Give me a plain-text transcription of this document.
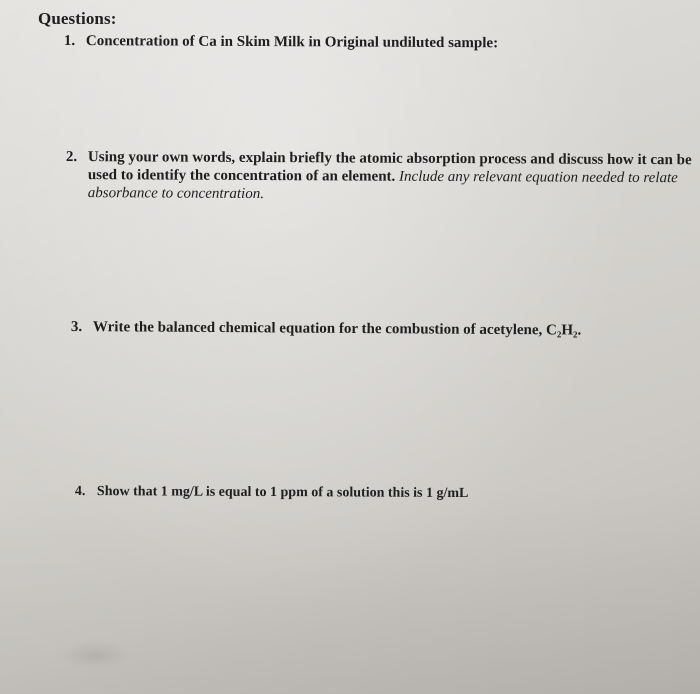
Questions:
1. Concentration of Ca in Skim Milk in Original undiluted sample:
2. Using your own words, explain briefly the atomic absorption process and discuss how it can be
used to identify the concentration of an element. Include any relevant equation needed to relate
absorbance to concentration.
3. Write the balanced chemical equation for the combustion of acetylene, C₂H₂.
4. Show that 1 mg/L is equal to 1 ppm of a solution this is 1 g/mL
